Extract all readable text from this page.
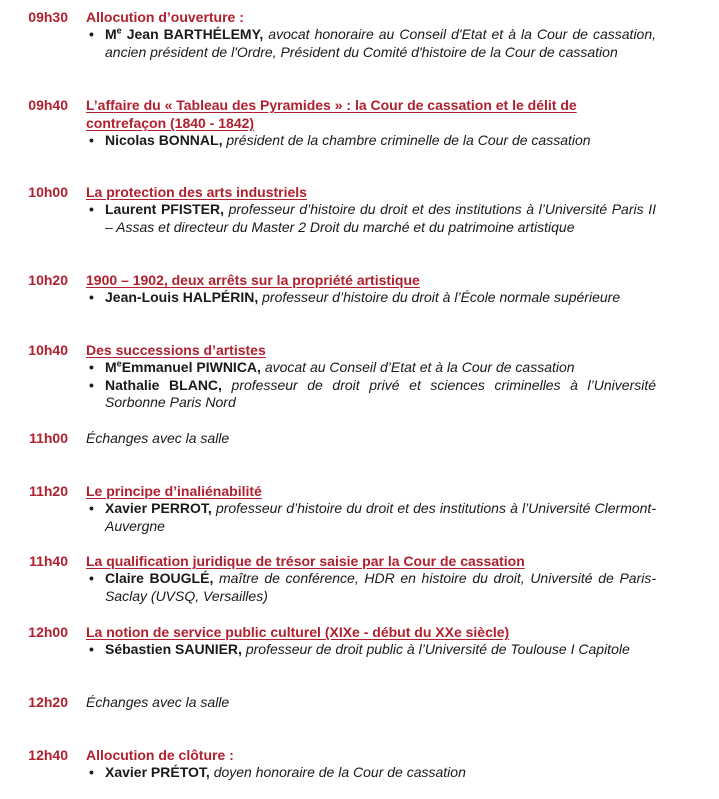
09h30 Allocution d’ouverture :
• Me Jean BARTHÉLEMY, avocat honoraire au Conseil d'Etat et à la Cour de cassation, ancien président de l'Ordre, Président du Comité d'histoire de la Cour de cassation
09h40 L’affaire du « Tableau des Pyramides » : la Cour de cassation et le délit de contrefaçon (1840 - 1842)
• Nicolas BONNAL, président de la chambre criminelle de la Cour de cassation
10h00 La protection des arts industriels
• Laurent PFISTER, professeur d’histoire du droit et des institutions à l’Université Paris II – Assas et directeur du Master 2 Droit du marché et du patrimoine artistique
10h20 1900 – 1902, deux arrêts sur la propriété artistique
• Jean-Louis HALPÉRIN, professeur d’histoire du droit à l’École normale supérieure
10h40 Des successions d’artistes
• MeEmmanuel PIWNICA, avocat au Conseil d’Etat et à la Cour de cassation
• Nathalie BLANC, professeur de droit privé et sciences criminelles à l’Université Sorbonne Paris Nord
11h00 Échanges avec la salle
11h20 Le principe d’inaliénabilité
• Xavier PERROT, professeur d’histoire du droit et des institutions à l’Université Clermont-Auvergne
11h40 La qualification juridique de trésor saisie par la Cour de cassation
• Claire BOUGLÉ, maître de conférence, HDR en histoire du droit, Université de Paris-Saclay (UVSQ, Versailles)
12h00 La notion de service public culturel (XIXe - début du XXe siècle)
• Sébastien SAUNIER, professeur de droit public à l’Université de Toulouse I Capitole
12h20 Échanges avec la salle
12h40 Allocution de clôture :
• Xavier PRÉTOT, doyen honoraire de la Cour de cassation
